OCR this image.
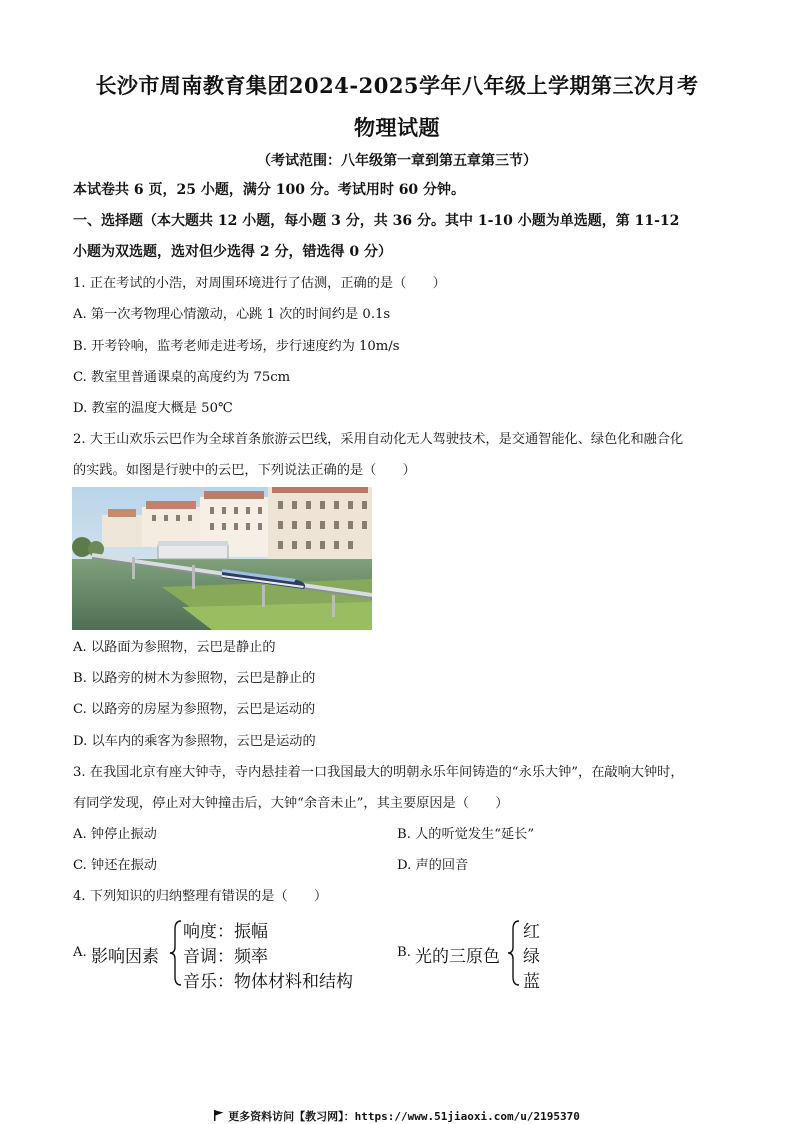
长沙市周南教育集团2024-2025学年八年级上学期第三次月考
物理试题
（考试范围：八年级第一章到第五章第三节）
本试卷共 6 页，25 小题，满分 100 分。考试用时 60 分钟。
一、选择题（本大题共 12 小题，每小题 3 分，共 36 分。其中 1-10 小题为单选题，第 11-12
小题为双选题，选对但少选得 2 分，错选得 0 分）
1. 正在考试的小浩，对周围环境进行了估测，正确的是（　　）
A. 第一次考物理心情激动，心跳 1 次的时间约是 0.1s
B. 开考铃响，监考老师走进考场，步行速度约为 10m/s
C. 教室里普通课桌的高度约为 75cm
D. 教室的温度大概是 50℃
2. 大王山欢乐云巴作为全球首条旅游云巴线，采用自动化无人驾驶技术，是交通智能化、绿色化和融合化
的实践。如图是行驶中的云巴，下列说法正确的是（　　）
A. 以路面为参照物，云巴是静止的
B. 以路旁的树木为参照物，云巴是静止的
C. 以路旁的房屋为参照物，云巴是运动的
D. 以车内的乘客为参照物，云巴是运动的
3. 在我国北京有座大钟寺，寺内悬挂着一口我国最大的明朝永乐年间铸造的“永乐大钟”，在敲响大钟时，
有同学发现，停止对大钟撞击后，大钟“余音未止”，其主要原因是（　　）
A. 钟停止振动	B. 人的听觉发生“延长”
C. 钟还在振动	D. 声的回音
4. 下列知识的归纳整理有错误的是（　　）
A. 影响因素
响度：振幅
音调：频率
音乐：物体材料和结构
B. 光的三原色
红
绿
蓝
更多资料访问【教习网】：https://www.51jiaoxi.com/u/2195370
